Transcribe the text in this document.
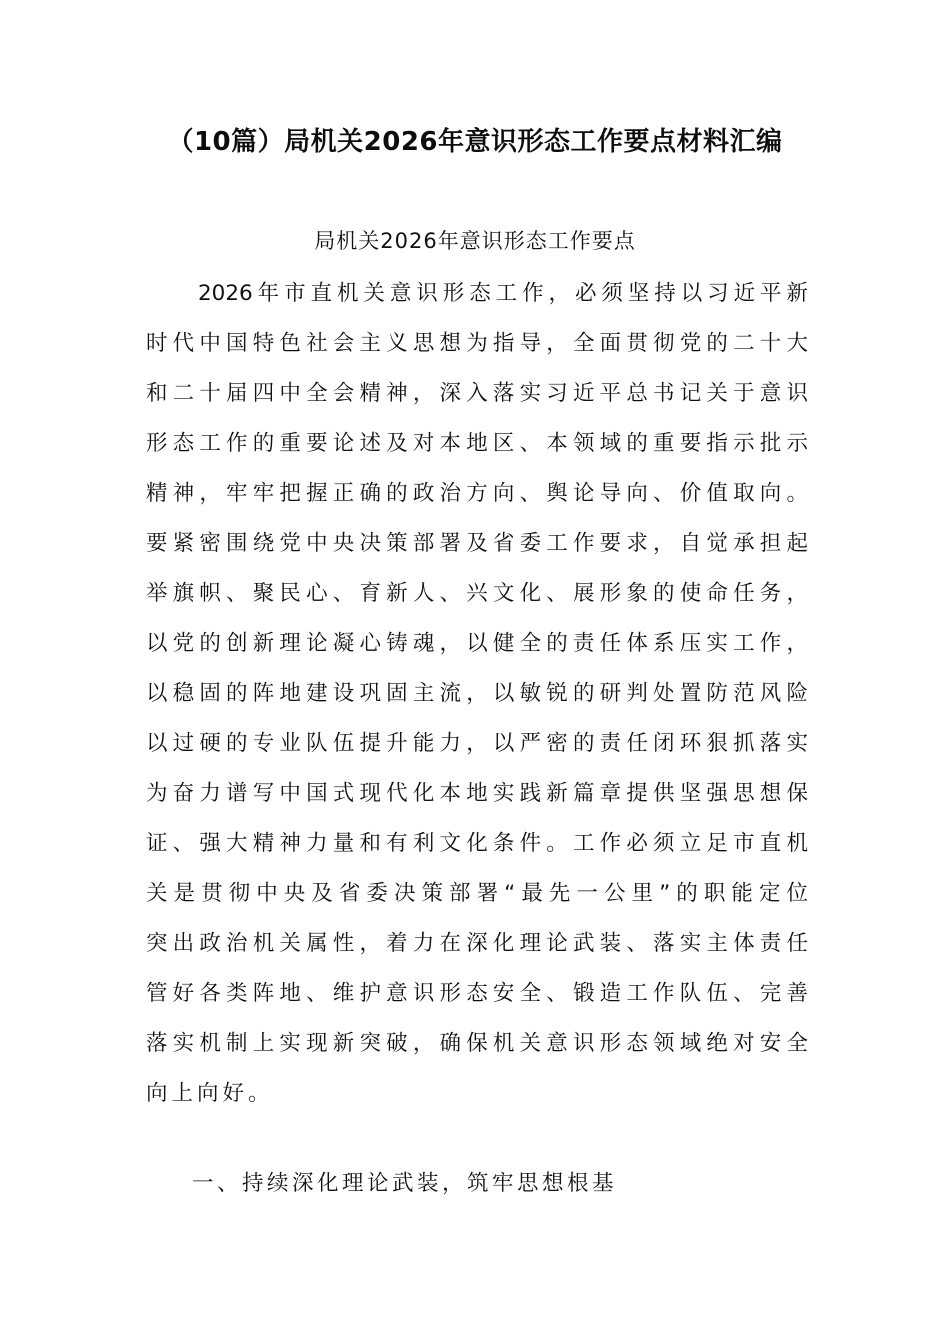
（10篇）局机关2026年意识形态工作要点材料汇编
局机关2026年意识形态工作要点
2026年市直机关意识形态工作，必须坚持以习近平新
时代中国特色社会主义思想为指导，全面贯彻党的二十大
和二十届四中全会精神，深入落实习近平总书记关于意识
形态工作的重要论述及对本地区、本领域的重要指示批示
精神，牢牢把握正确的政治方向、舆论导向、价值取向。
要紧密围绕党中央决策部署及省委工作要求，自觉承担起
举旗帜、聚民心、育新人、兴文化、展形象的使命任务，
以党的创新理论凝心铸魂，以健全的责任体系压实工作，
以稳固的阵地建设巩固主流，以敏锐的研判处置防范风险
以过硬的专业队伍提升能力，以严密的责任闭环狠抓落实
为奋力谱写中国式现代化本地实践新篇章提供坚强思想保
证、强大精神力量和有利文化条件。工作必须立足市直机
关是贯彻中央及省委决策部署“最先一公里”的职能定位
突出政治机关属性，着力在深化理论武装、落实主体责任
管好各类阵地、维护意识形态安全、锻造工作队伍、完善
落实机制上实现新突破，确保机关意识形态领域绝对安全
向上向好。
一、持续深化理论武装，筑牢思想根基
